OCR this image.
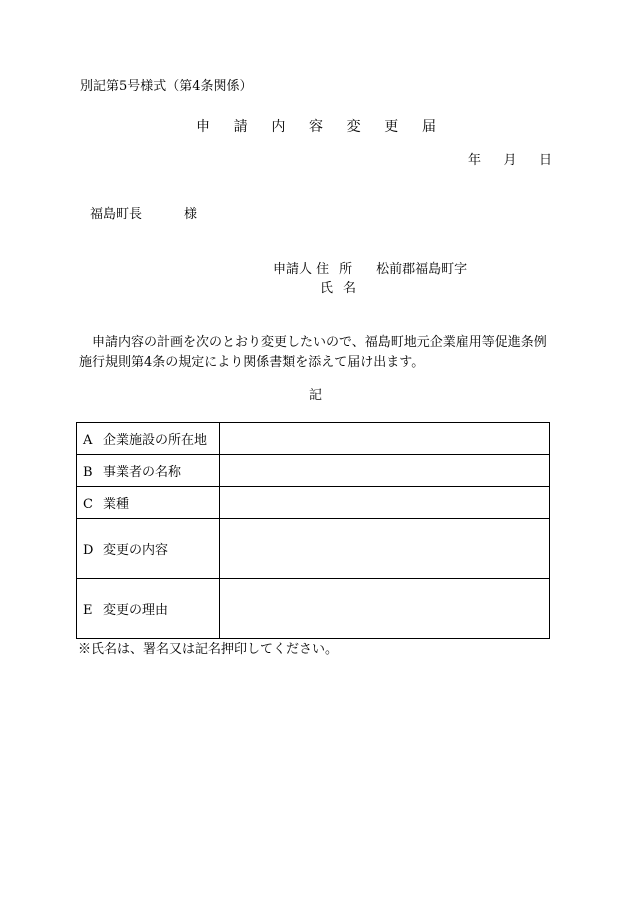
別記第5号様式（第4条関係）
申 請 内 容 変 更 届
年 月 日
福島町長	様
申請人 住所 松前郡福島町字
氏名
申請内容の計画を次のとおり変更したいので、福島町地元企業雇用等促進条例施行規則第4条の規定により関係書類を添えて届け出ます。
記
A 企業施設の所在地	
B 事業者の名称	
C 業種	
D 変更の内容	
E 変更の理由	
※氏名は、署名又は記名押印してください。
